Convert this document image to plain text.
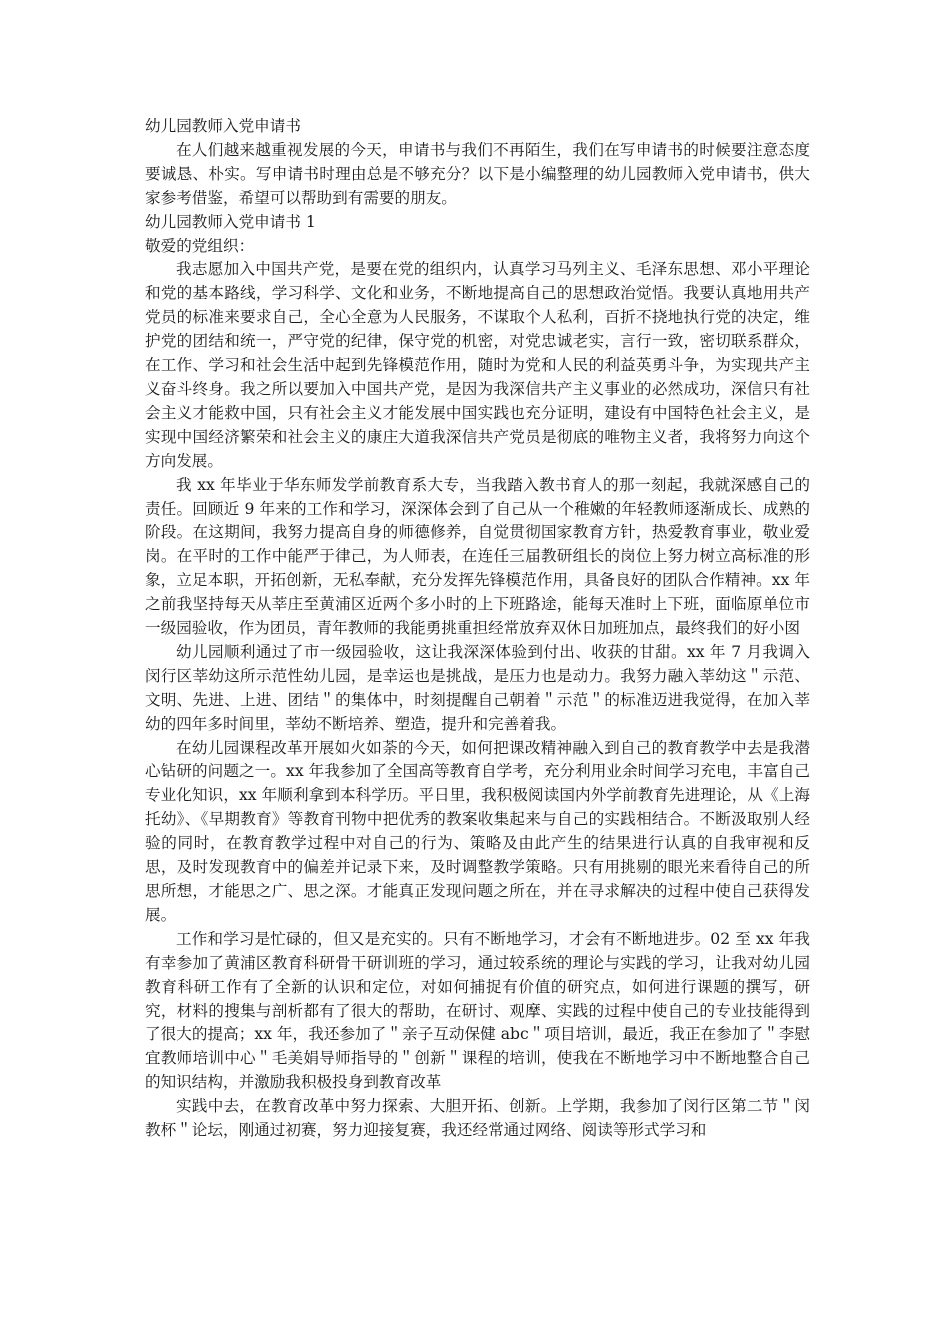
幼儿园教师入党申请书

在人们越来越重视发展的今天，申请书与我们不再陌生，我们在写申请书的时候要注意态度要诚恳、朴实。写申请书时理由总是不够充分？以下是小编整理的幼儿园教师入党申请书，供大家参考借鉴，希望可以帮助到有需要的朋友。

幼儿园教师入党申请书 1

敬爱的党组织：

我志愿加入中国共产党，是要在党的组织内，认真学习马列主义、毛泽东思想、邓小平理论和党的基本路线，学习科学、文化和业务，不断地提高自己的思想政治觉悟。我要认真地用共产党员的标准来要求自己，全心全意为人民服务，不谋取个人私利，百折不挠地执行党的决定，维护党的团结和统一，严守党的纪律，保守党的机密，对党忠诚老实，言行一致，密切联系群众，在工作、学习和社会生活中起到先锋模范作用，随时为党和人民的利益英勇斗争，为实现共产主义奋斗终身。我之所以要加入中国共产党，是因为我深信共产主义事业的必然成功，深信只有社会主义才能救中国，只有社会主义才能发展中国实践也充分证明，建设有中国特色社会主义，是实现中国经济繁荣和社会主义的康庄大道我深信共产党员是彻底的唯物主义者，我将努力向这个方向发展。

我 xx 年毕业于华东师发学前教育系大专，当我踏入教书育人的那一刻起，我就深感自己的责任。回顾近 9 年来的工作和学习，深深体会到了自己从一个稚嫩的年轻教师逐渐成长、成熟的阶段。在这期间，我努力提高自身的师德修养，自觉贯彻国家教育方针，热爱教育事业，敬业爱岗。在平时的工作中能严于律己，为人师表，在连任三届教研组长的岗位上努力树立高标准的形象，立足本职，开拓创新，无私奉献，充分发挥先锋模范作用，具备良好的团队合作精神。xx 年之前我坚持每天从莘庄至黄浦区近两个多小时的上下班路途，能每天准时上下班，面临原单位市一级园验收，作为团员，青年教师的我能勇挑重担经常放弃双休日加班加点，最终我们的好小囡

幼儿园顺利通过了市一级园验收，这让我深深体验到付出、收获的甘甜。xx 年 7 月我调入闵行区莘幼这所示范性幼儿园，是幸运也是挑战，是压力也是动力。我努力融入莘幼这＂示范、文明、先进、上进、团结＂的集体中，时刻提醒自己朝着＂示范＂的标准迈进我觉得，在加入莘幼的四年多时间里，莘幼不断培养、塑造，提升和完善着我。

在幼儿园课程改革开展如火如荼的今天，如何把课改精神融入到自己的教育教学中去是我潜心钻研的问题之一。xx 年我参加了全国高等教育自学考，充分利用业余时间学习充电，丰富自己专业化知识，xx 年顺利拿到本科学历。平日里，我积极阅读国内外学前教育先进理论，从《上海托幼》、《早期教育》等教育刊物中把优秀的教案收集起来与自己的实践相结合。不断汲取别人经验的同时，在教育教学过程中对自己的行为、策略及由此产生的结果进行认真的自我审视和反思，及时发现教育中的偏差并记录下来，及时调整教学策略。只有用挑剔的眼光来看待自己的所思所想，才能思之广、思之深。才能真正发现问题之所在，并在寻求解决的过程中使自己获得发展。

工作和学习是忙碌的，但又是充实的。只有不断地学习，才会有不断地进步。02 至 xx 年我有幸参加了黄浦区教育科研骨干研训班的学习，通过较系统的理论与实践的学习，让我对幼儿园教育科研工作有了全新的认识和定位，对如何捕捉有价值的研究点，如何进行课题的撰写，研究，材料的搜集与剖析都有了很大的帮助，在研讨、观摩、实践的过程中使自己的专业技能得到了很大的提高；xx 年，我还参加了＂亲子互动保健 abc＂项目培训，最近，我正在参加了＂李慰宜教师培训中心＂毛美娟导师指导的＂创新＂课程的培训，使我在不断地学习中不断地整合自己的知识结构，并激励我积极投身到教育改革

实践中去，在教育改革中努力探索、大胆开拓、创新。上学期，我参加了闵行区第二节＂闵教杯＂论坛，刚通过初赛，努力迎接复赛，我还经常通过网络、阅读等形式学习和
